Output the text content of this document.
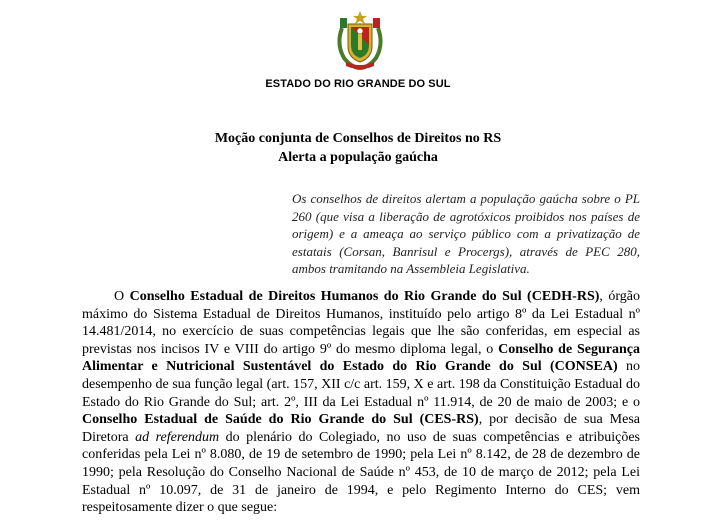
ESTADO DO RIO GRANDE DO SUL
Moção conjunta de Conselhos de Direitos no RS
Alerta a população gaúcha
Os conselhos de direitos alertam a população gaúcha sobre o PL 260 (que visa a liberação de agrotóxicos proibidos nos países de origem) e a ameaça ao serviço público com a privatização de estatais (Corsan, Banrisul e Procergs), através de PEC 280, ambos tramitando na Assembleia Legislativa.

O Conselho Estadual de Direitos Humanos do Rio Grande do Sul (CEDH-RS), órgão máximo do Sistema Estadual de Direitos Humanos, instituído pelo artigo 8º da Lei Estadual nº 14.481/2014, no exercício de suas competências legais que lhe são conferidas, em especial as previstas nos incisos IV e VIII do artigo 9º do mesmo diploma legal, o Conselho de Segurança Alimentar e Nutricional Sustentável do Estado do Rio Grande do Sul (CONSEA) no desempenho de sua função legal (art. 157, XII c/c art. 159, X e art. 198 da Constituição Estadual do Estado do Rio Grande do Sul; art. 2º, III da Lei Estadual nº 11.914, de 20 de maio de 2003; e o Conselho Estadual de Saúde do Rio Grande do Sul (CES-RS), por decisão de sua Mesa Diretora ad referendum do plenário do Colegiado, no uso de suas competências e atribuições conferidas pela Lei nº 8.080, de 19 de setembro de 1990; pela Lei nº 8.142, de 28 de dezembro de 1990; pela Resolução do Conselho Nacional de Saúde nº 453, de 10 de março de 2012; pela Lei Estadual nº 10.097, de 31 de janeiro de 1994, e pelo Regimento Interno do CES; vem respeitosamente dizer o que segue:
